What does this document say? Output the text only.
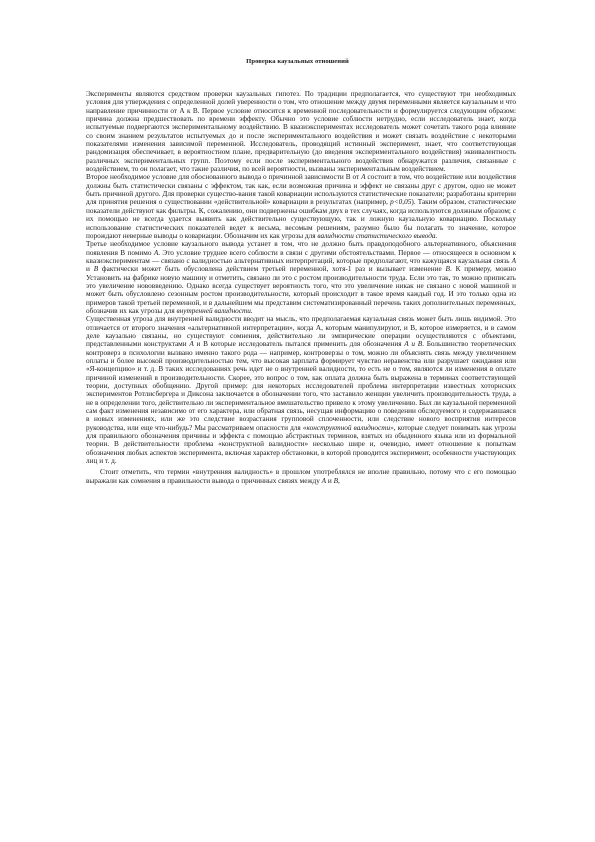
Проверка каузальных отношений

Эксперименты являются средством проверки каузальных гипотез. По традиции предполагается, что существуют три необходимых условия для утверждения с определенной долей уверенности о том, что отношение между двумя переменными является каузальным и что направление причинности от А к В. Первое условие относится к временной последовательности и формулируется следующим образом: причина должна предшествовать по времени эффекту. Обычно это условие соблюсти нетрудно, если исследователь знает, когда испытуемые подвергаются экспериментальному воздействию. В квазиэкспериментах исследователь может сочетать такого рода влияние со своим знанием результатов испытуемых до и после экспериментального воздействия и может связать воздействие с некоторыми показателями изменения зависимой переменной. Исследователь, проводящий истинный эксперимент, знает, что соответствующая рандомизация обеспечивает, в вероятностном плане, предварительную (до введения экспериментального воздействия) эквивалентность различных экспериментальных групп. Поэтому если после экспериментального воздействия обнаружатся различия, связанные с воздействием, то он полагает, что такие различия, по всей вероятности, вызваны экспериментальным воздействием.

Второе необходимое условие для обоснованного вывода о причинной зависимости В от А состоит в том, что воздействие или воздействия должны быть статистически связаны с эффектом, так как, если возможная причина и эффект не связаны друг с другом, одно не может быть причиной другого. Для проверки существо-вания такой ковариации используются статистические показатели; разработаны критерии для принятия решения о существовании «действительной» ковариации в результатах (например, р<0,05). Таким образом, статистические показатели действуют как фильтры. К, сожалению, они подвержены ошибкам двух в тех случаях, когда используются должным образом; с их помощью не всегда удается выявить как действительно существующую, так и ложную каузальную ковариацию. Поскольку использование статистических показателей ведет к весьма, весомым решениям, разумно было бы полагать то значение, которое порождают неверные выводы о ковариации. Обозначим их как угрозы для валидности статистического вывода.

Третье необходимое условие каузального вывода устанет в том, что не должно быть правдоподобного альтернативного, объяснения появления В помимо А. Это условие труднее всего соблюсти в связи с другими обстоятельствами. Первое — относящееся в основном к квазиэкспериментам — связано с валидностью альтернативных интерпретаций, которые предполагают, что кажущаяся каузальная связь А и В фактически может быть обусловлена действием третьей переменной, хотя-1 раз и вызывает изменение В. К примеру, можно Установить на фабрике новую машину и отметить, связано ли это с ростом производительности труда. Если это так, то можно приписать это увеличение нововведению. Однако всегда существует вероятность того, что это увеличение никак не связано с новой машиной и может быть обусловлено сезонным ростом производительности, который происходит в такое время каждый год. И это только одна из примеров такой третьей переменной, и в дальнейшем мы представим систематизированный перечень таких дополнительных переменных, обозначив их как угрозы для внутренней валидности.

Существенная угроза для внутренней валидности вводит на мысль, что предполагаемая каузальная связь может быть лишь видимой. Это отличается от второго значения «альтернативной интерпретации», когда А, которым манипулируют, и В, которое измеряется, и в самом деле каузально связаны, но существуют сомнения, действительно ли эмпирические операции осуществляются с объектами, представленными конструктами А и В которые исследователь пытался применить для обозначения А и В. Большинство теоретических контроверз в психологии вызвано именно такого рода — например, контроверзы о том, можно ли объяснять связь между увеличением оплаты и более высокой производительностью тем, что высокая зарплата формирует чувство неравенства или разрушает ожидания или «Я-концепцию» и т. д. В таких исследованиях речь идет не о внутренней валидности, то есть не о том, являются ли изменения в оплате причиной изменений в производительности. Скорее, это вопрос о том, как оплата должна быть выражена в терминах соответствующей теории, доступных обобщению. Другой пример: для некоторых исследователей проблема интерпретации известных хоторнских экспериментов Ротлисбергера и Диксона заключается в обозначении того, что заставило женщин увеличить производительность труда, а не в определении того, действительно ли экспериментальное вмешательство привело к этому увеличению. Был ли каузальной переменной сам факт изменения независимо от его характера, или обратная связь, несущая информацию о поведении обследуемого и содержавшаяся в новых изменениях, или же это следствие возрастания групповой сплоченности, или следствие нового восприятия интересов руководства, или еще что-нибудь? Мы рассматриваем опасности для «конструктной валидности», которые следует понимать как угрозы для правильного обозначения причины и эффекта с помощью абстрактных терминов, взятых из обыденного языка или из формальной теории. В действительности проблема «конструктной валидности» несколько шире и, очевидно, имеет отношение к попыткам обозначения любых аспектов эксперимента, включая характер обстановки, в которой проводится эксперимент, особенности участвующих лиц и т. д.

Стоит отметить, что термин «внутренняя валидность» в прошлом употреблялся не вполне правильно, потому что с его помощью выражали как сомнения в правильности вывода о причинных связях между А и В,
